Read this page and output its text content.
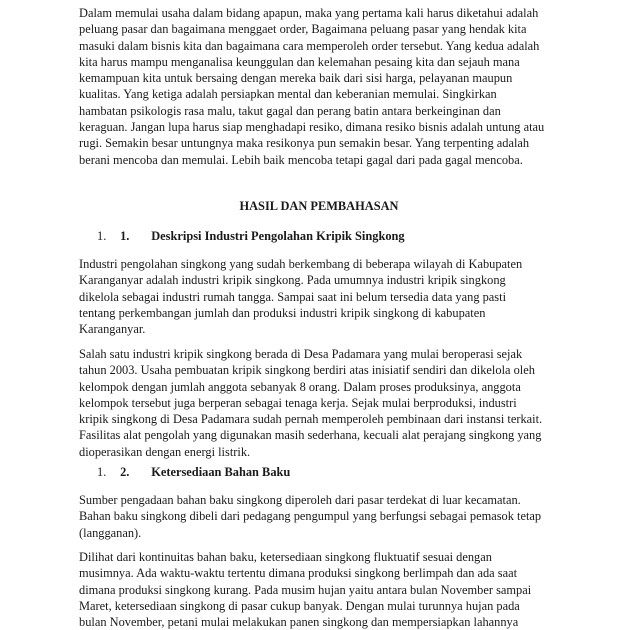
Dalam memulai usaha dalam bidang apapun, maka yang pertama kali harus diketahui adalah
peluang pasar dan bagaimana menggaet order, Bagaimana peluang pasar yang hendak kita
masuki dalam bisnis kita dan bagaimana cara memperoleh order tersebut. Yang kedua adalah
kita harus mampu menganalisa keunggulan dan kelemahan pesaing kita dan sejauh mana
kemampuan kita untuk bersaing dengan mereka baik dari sisi harga, pelayanan maupun
kualitas. Yang ketiga adalah persiapkan mental dan keberanian memulai. Singkirkan
hambatan psikologis rasa malu, takut gagal dan perang batin antara berkeinginan dan
keraguan. Jangan lupa harus siap menghadapi resiko, dimana resiko bisnis adalah untung atau
rugi. Semakin besar untungnya maka resikonya pun semakin besar. Yang terpenting adalah
berani mencoba dan memulai. Lebih baik mencoba tetapi gagal dari pada gagal mencoba.

HASIL DAN PEMBAHASAN

1. 1. Deskripsi Industri Pengolahan Kripik Singkong

Industri pengolahan singkong yang sudah berkembang di beberapa wilayah di Kabupaten
Karanganyar adalah industri kripik singkong. Pada umumnya industri kripik singkong
dikelola sebagai industri rumah tangga. Sampai saat ini belum tersedia data yang pasti
tentang perkembangan jumlah dan produksi industri kripik singkong di kabupaten
Karanganyar.

Salah satu industri kripik singkong berada di Desa Padamara yang mulai beroperasi sejak
tahun 2003. Usaha pembuatan kripik singkong berdiri atas inisiatif sendiri dan dikelola oleh
kelompok dengan jumlah anggota sebanyak 8 orang. Dalam proses produksinya, anggota
kelompok tersebut juga berperan sebagai tenaga kerja. Sejak mulai berproduksi, industri
kripik singkong di Desa Padamara sudah pernah memperoleh pembinaan dari instansi terkait.
Fasilitas alat pengolah yang digunakan masih sederhana, kecuali alat perajang singkong yang
dioperasikan dengan energi listrik.

1. 2. Ketersediaan Bahan Baku

Sumber pengadaan bahan baku singkong diperoleh dari pasar terdekat di luar kecamatan.
Bahan baku singkong dibeli dari pedagang pengumpul yang berfungsi sebagai pemasok tetap
(langganan).

Dilihat dari kontinuitas bahan baku, ketersediaan singkong fluktuatif sesuai dengan
musimnya. Ada waktu-waktu tertentu dimana produksi singkong berlimpah dan ada saat
dimana produksi singkong kurang. Pada musim hujan yaitu antara bulan November sampai
Maret, ketersediaan singkong di pasar cukup banyak. Dengan mulai turunnya hujan pada
bulan November, petani mulai melakukan panen singkong dan mempersiapkan lahannya
